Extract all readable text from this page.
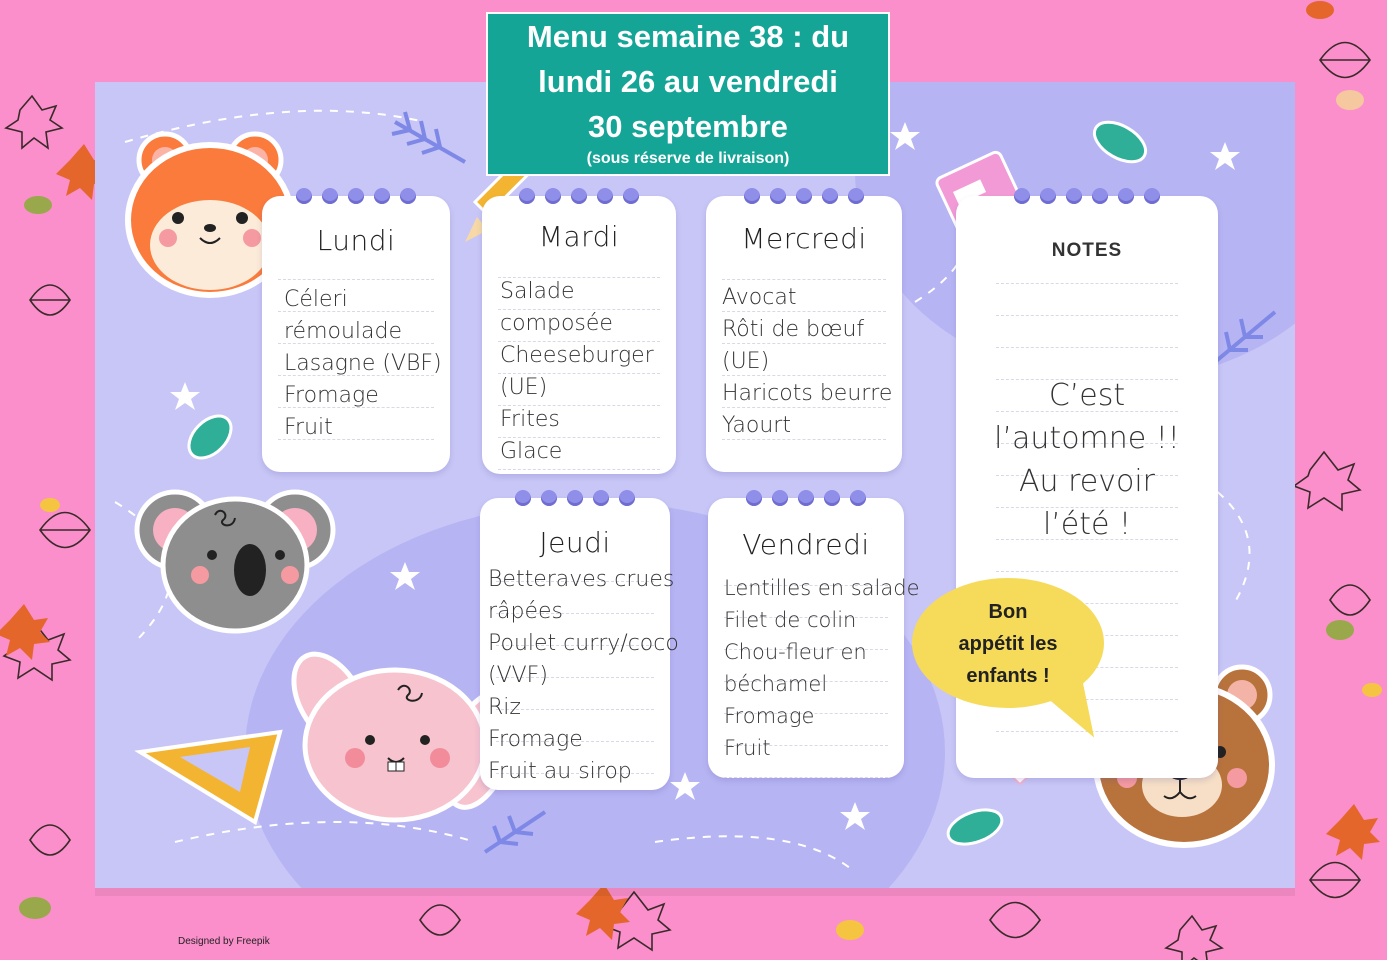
Menu semaine 38 : du
lundi 26 au vendredi
30 septembre
(sous réserve de livraison)
Lundi
Céleri
rémoulade
Lasagne (VBF)
Fromage
Fruit
Mardi
Salade
composée
Cheeseburger
(UE)
Frites
Glace
Mercredi
Avocat
Rôti de bœuf
(UE)
Haricots beurre
Yaourt
Jeudi
Betteraves crues
râpées
Poulet curry/coco
(VVF)
Riz
Fromage
Fruit au sirop
Vendredi
Lentilles en salade
Filet de colin
Chou-fleur en
béchamel
Fromage
Fruit
NOTES
C’est
l’automne !!
Au revoir
l’été !
Bon
appétit les
enfants !
Designed by Freepik
